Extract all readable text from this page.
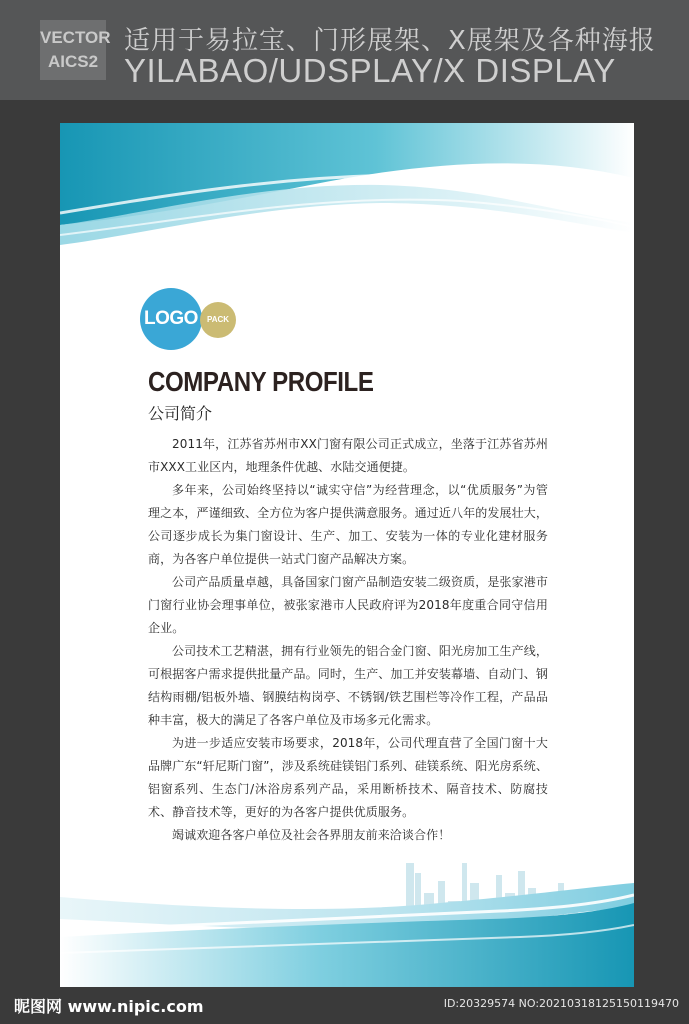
VECTOR
AICS2
适用于易拉宝、门形展架、X展架及各种海报
YILABAO/UDSPLAY/X DISPLAY
LOGO	PACK
COMPANY PROFILE
公司简介

2011年，江苏省苏州市XX门窗有限公司正式成立，坐落于江苏省苏州市XXX工业区内，地理条件优越、水陆交通便捷。

多年来，公司始终坚持以“诚实守信”为经营理念，以“优质服务”为管理之本，严谨细致、全方位为客户提供满意服务。通过近八年的发展壮大，公司逐步成长为集门窗设计、生产、加工、安装为一体的专业化建材服务商，为各客户单位提供一站式门窗产品解决方案。

公司产品质量卓越，具备国家门窗产品制造安装二级资质，是张家港市门窗行业协会理事单位，被张家港市人民政府评为2018年度重合同守信用企业。

公司技术工艺精湛，拥有行业领先的铝合金门窗、阳光房加工生产线，可根据客户需求提供批量产品。同时，生产、加工并安装幕墙、自动门、钢结构雨棚/铝板外墙、钢膜结构岗亭、不锈钢/铁艺围栏等冷作工程，产品品种丰富，极大的满足了各客户单位及市场多元化需求。

为进一步适应安装市场要求，2018年，公司代理直营了全国门窗十大品牌广东“轩尼斯门窗”，涉及系统硅镁铝门系列、硅镁系统、阳光房系统、铝窗系列、生态门/沐浴房系列产品，采用断桥技术、隔音技术、防腐技术、静音技术等，更好的为各客户提供优质服务。

竭诚欢迎各客户单位及社会各界朋友前来洽谈合作！

昵图网 www.nipic.com	ID:20329574 NO:20210318125150119470
